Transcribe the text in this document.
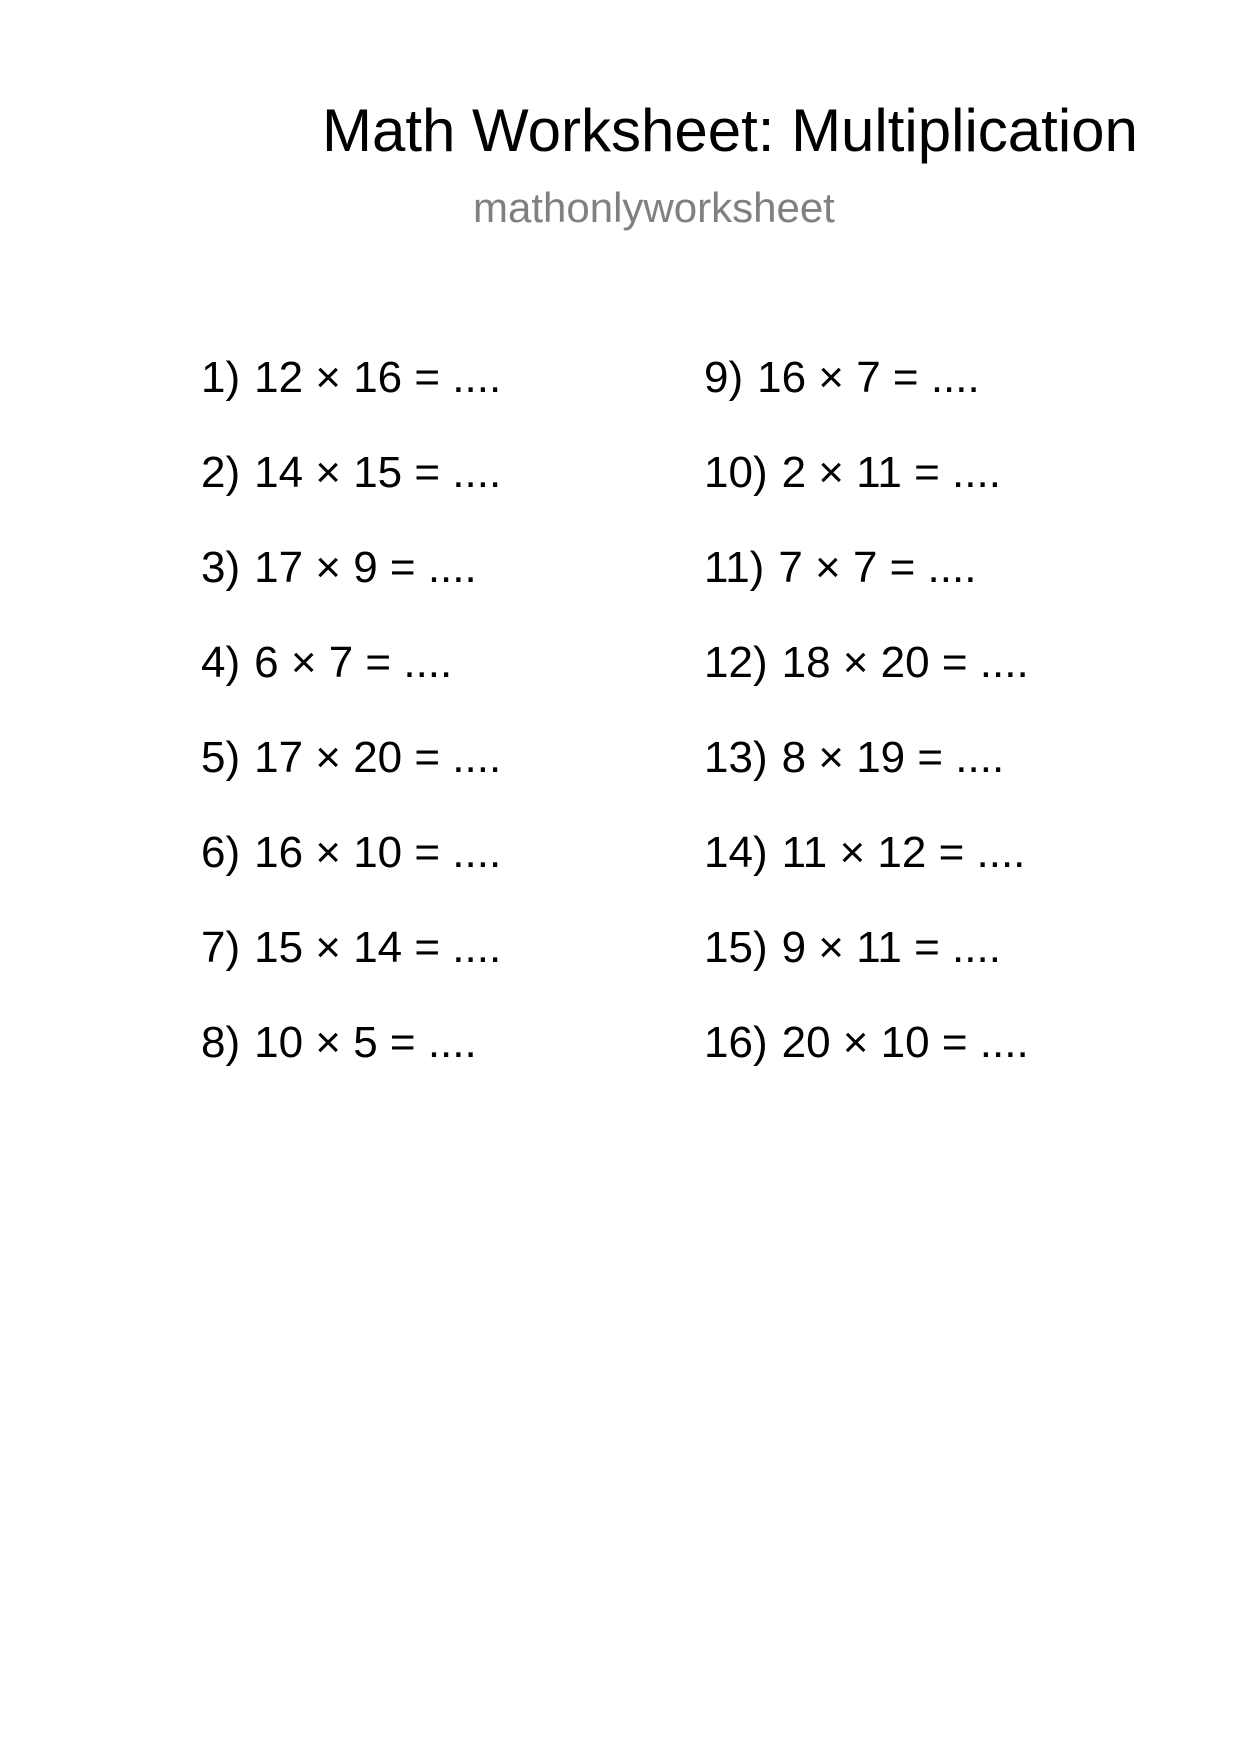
Math Worksheet: Multiplication
mathonlyworksheet
1) 12 × 16 = ....
2) 14 × 15 = ....
3) 17 × 9 = ....
4) 6 × 7 = ....
5) 17 × 20 = ....
6) 16 × 10 = ....
7) 15 × 14 = ....
8) 10 × 5 = ....
9) 16 × 7 = ....
10) 2 × 11 = ....
11) 7 × 7 = ....
12) 18 × 20 = ....
13) 8 × 19 = ....
14) 11 × 12 = ....
15) 9 × 11 = ....
16) 20 × 10 = ....
